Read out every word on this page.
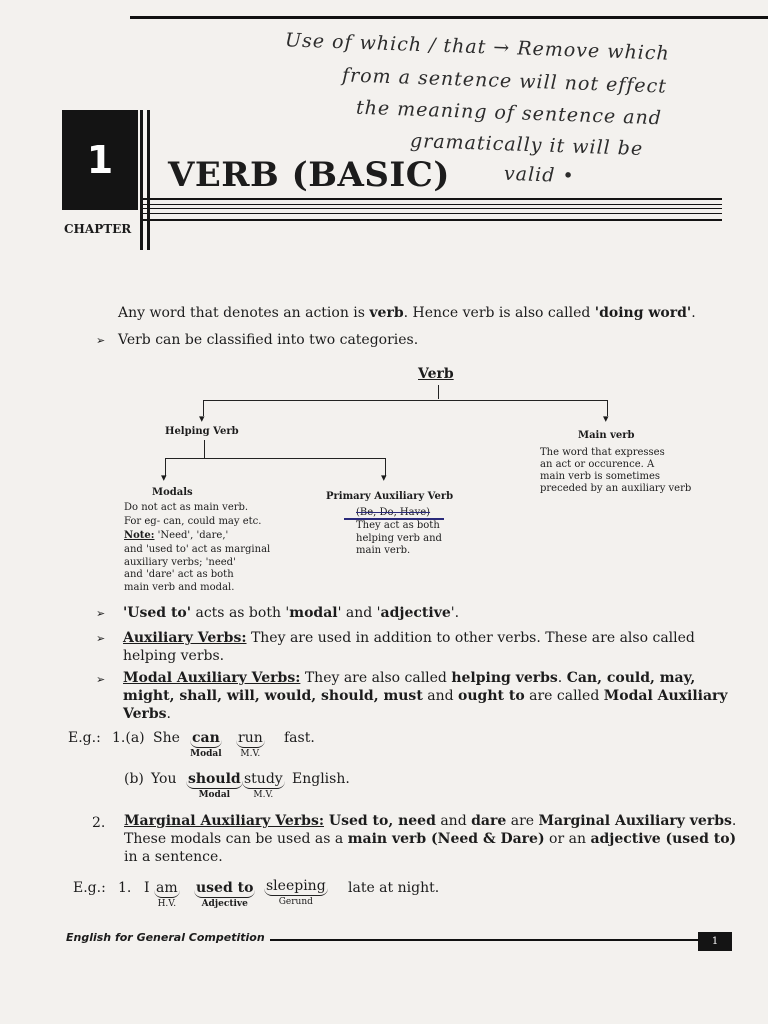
Use of which / that → Remove which
from a sentence will not effect
the meaning of sentence and
gramatically it will be
valid •
1
CHAPTER
VERB (BASIC)
Any word that denotes an action is verb. Hence verb is also called 'doing word'.
➢ Verb can be classified into two categories.
Verb
▾	▾
Helping Verb	Main verb
The word that expresses
an act or occurence. A
main verb is sometimes
preceded by an auxiliary verb
▾	▾
Modals
Do not act as main verb.
For eg- can, could may etc.
Note: 'Need', 'dare,'
and 'used to' act as marginal
auxiliary verbs; 'need'
and 'dare' act as both
main verb and modal.
Primary Auxiliary Verb
(Be, Do, Have)
They act as both
helping verb and
main verb.
➢ 'Used to' acts as both 'modal' and 'adjective'.
➢ Auxiliary Verbs: They are used in addition to other verbs. These are also called
helping verbs.
➢ Modal Auxiliary Verbs: They are also called helping verbs. Can, could, may,
might, shall, will, would, should, must and ought to are called Modal Auxiliary
Verbs.
E.g.: 1.(a) She can
Modal
run
M.V.
fast.
(b) You should
Modal
study
M.V.
English.
2. Marginal Auxiliary Verbs: Used to, need and dare are Marginal Auxiliary verbs.
These modals can be used as a main verb (Need & Dare) or an adjective (used to)
in a sentence.
E.g.: 1. I am
H.V.
used to
Adjective
sleeping
Gerund
late at night.
English for General Competition	1
